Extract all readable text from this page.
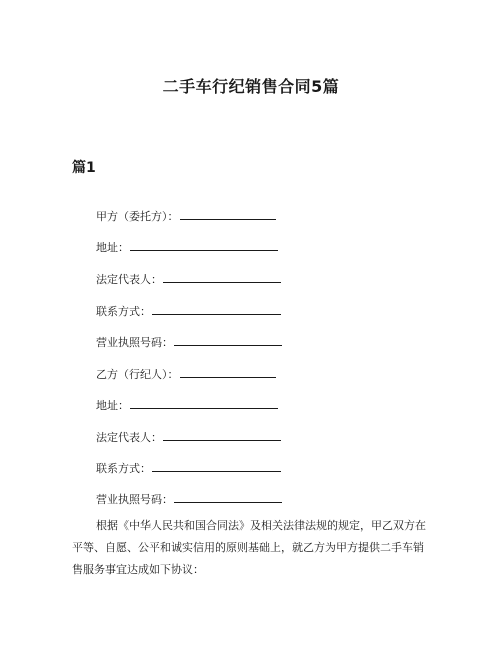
二手车行纪销售合同5篇
篇1
甲方（委托方）：
地址：
法定代表人：
联系方式：
营业执照号码：
乙方（行纪人）：
地址：
法定代表人：
联系方式：
营业执照号码：

根据《中华人民共和国合同法》及相关法律法规的规定，甲乙双方在平等、自愿、公平和诚实信用的原则基础上，就乙方为甲方提供二手车销售服务事宜达成如下协议：
